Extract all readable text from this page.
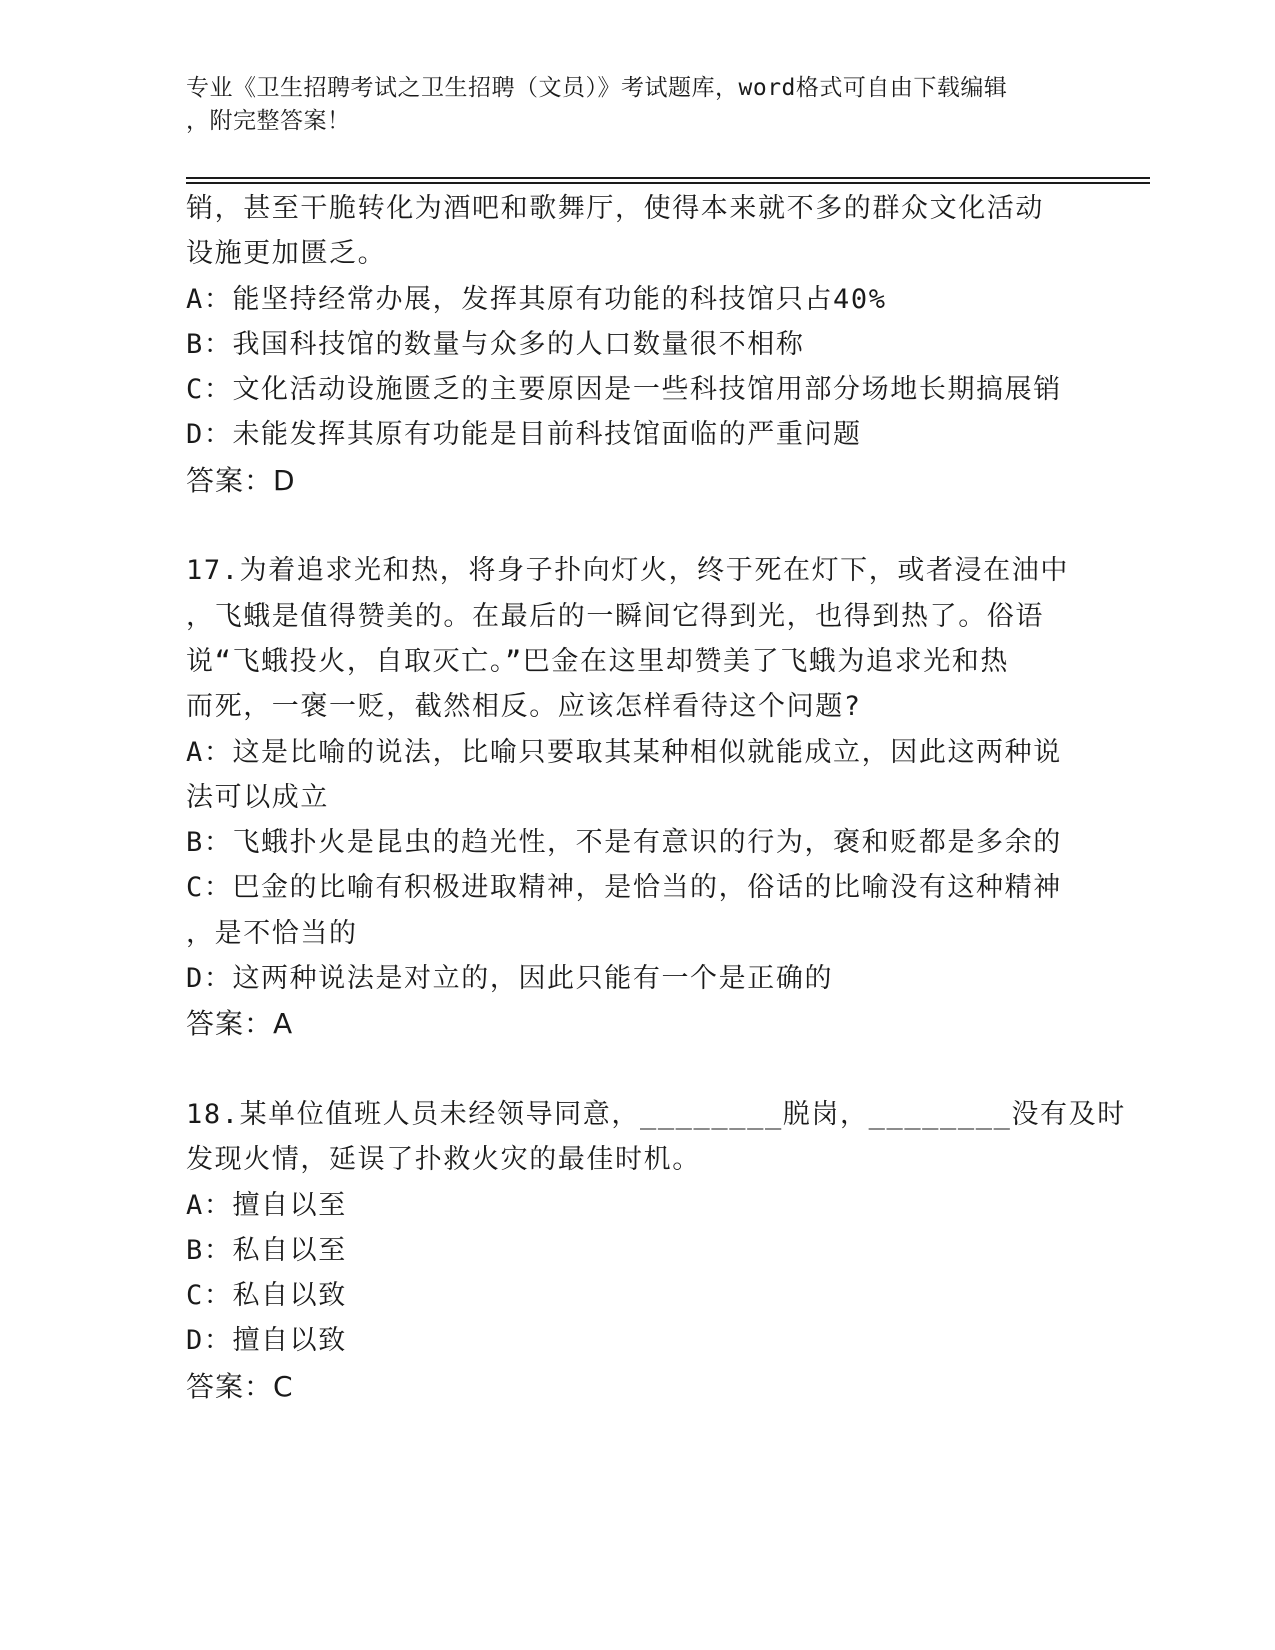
专业《卫生招聘考试之卫生招聘（文员）》考试题库，word格式可自由下载编辑
，附完整答案！
销，甚至干脆转化为酒吧和歌舞厅，使得本来就不多的群众文化活动
设施更加匮乏。
A：能坚持经常办展，发挥其原有功能的科技馆只占40%
B：我国科技馆的数量与众多的人口数量很不相称
C：文化活动设施匮乏的主要原因是一些科技馆用部分场地长期搞展销
D：未能发挥其原有功能是目前科技馆面临的严重问题
答案：D
17.为着追求光和热，将身子扑向灯火，终于死在灯下，或者浸在油中
，飞蛾是值得赞美的。在最后的一瞬间它得到光，也得到热了。俗语
说“飞蛾投火，自取灭亡。”巴金在这里却赞美了飞蛾为追求光和热
而死，一褒一贬，截然相反。应该怎样看待这个问题?
A：这是比喻的说法，比喻只要取其某种相似就能成立，因此这两种说
法可以成立
B：飞蛾扑火是昆虫的趋光性，不是有意识的行为，褒和贬都是多余的
C：巴金的比喻有积极进取精神，是恰当的，俗话的比喻没有这种精神
，是不恰当的
D：这两种说法是对立的，因此只能有一个是正确的
答案：A
18.某单位值班人员未经领导同意，________脱岗，________没有及时
发现火情，延误了扑救火灾的最佳时机。
A：擅自以至
B：私自以至
C：私自以致
D：擅自以致
答案：C
